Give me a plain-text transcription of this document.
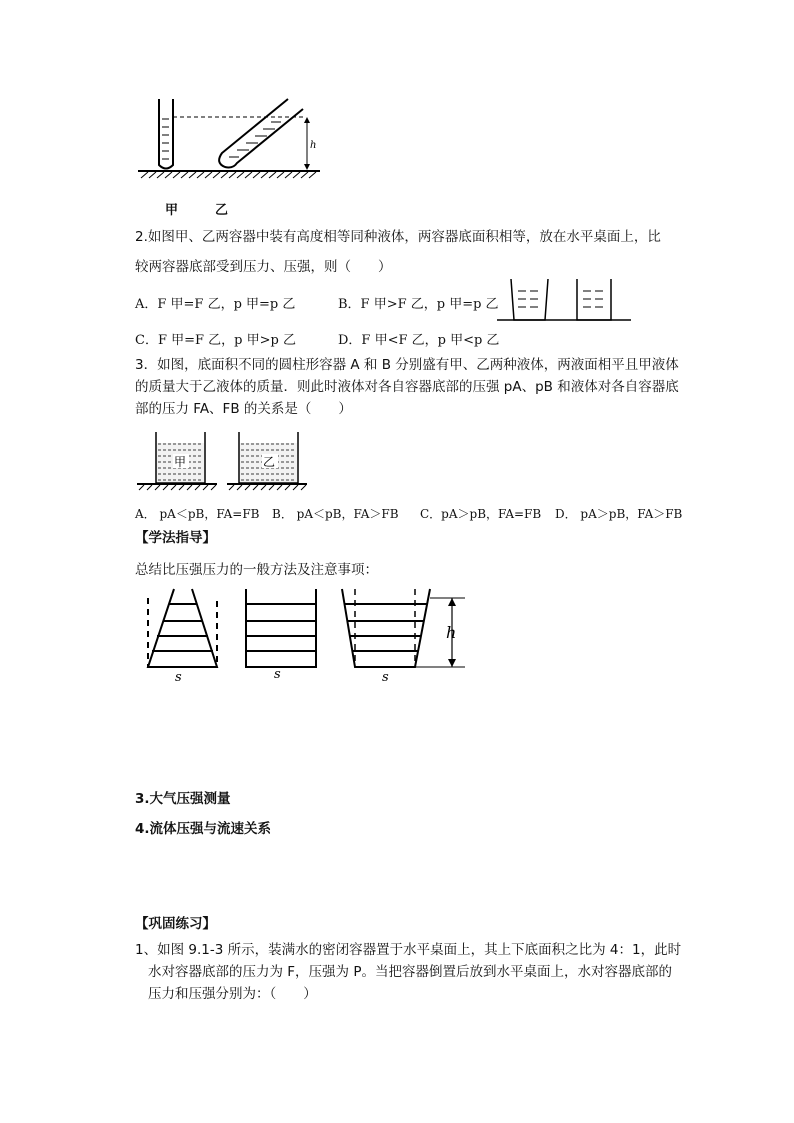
h
甲	乙
2.如图甲、乙两容器中装有高度相等同种液体，两容器底面积相等，放在水平桌面上，比
较两容器底部受到压力、压强，则（　　）
A．F 甲=F 乙，p 甲=p 乙	B．F 甲>F 乙，p 甲=p 乙
C．F 甲=F 乙，p 甲>p 乙	D．F 甲<F 乙，p 甲<p 乙
3．如图，底面积不同的圆柱形容器 A 和 B 分别盛有甲、乙两种液体，两液面相平且甲液体
的质量大于乙液体的质量．则此时液体对各自容器底部的压强 pA、pB 和液体对各自容器底
部的压力 FA、FB 的关系是（　　）
甲	乙
A． pA＜pB，FA=FB B． pA＜pB，FA＞FB C．pA＞pB，FA=FB D． pA＞pB，FA＞FB
【学法指导】
总结比压强压力的一般方法及注意事项：
s	s
h
s
3.大气压强测量
4.流体压强与流速关系
【巩固练习】
1、如图 9.1-3 所示，装满水的密闭容器置于水平桌面上，其上下底面积之比为 4：1，此时
水对容器底部的压力为 F，压强为 P。当把容器倒置后放到水平桌面上，水对容器底部的
压力和压强分别为：（　　）
